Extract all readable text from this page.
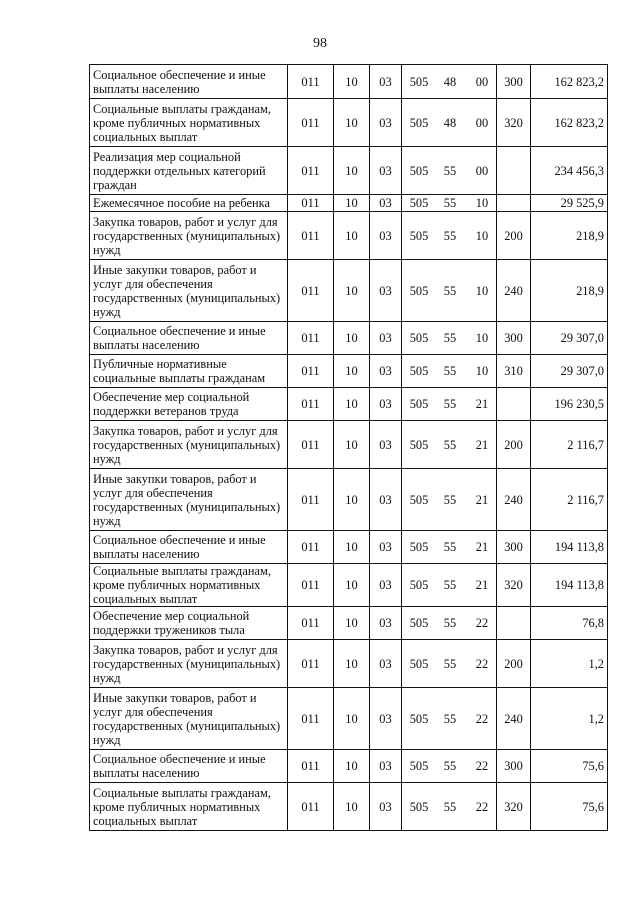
98
Социальное обеспечение и иные выплаты населению	011	10	03	505 48 00	300	162 823,2
Социальные выплаты гражданам, кроме публичных нормативных социальных выплат	011	10	03	505 48 00	320	162 823,2
Реализация мер социальной поддержки отдельных категорий граждан	011	10	03	505 55 00		234 456,3
Ежемесячное пособие на ребенка	011	10	03	505 55 10		29 525,9
Закупка товаров, работ и услуг для государственных (муниципальных) нужд	011	10	03	505 55 10	200	218,9
Иные закупки товаров, работ и услуг для обеспечения государственных (муниципальных) нужд	011	10	03	505 55 10	240	218,9
Социальное обеспечение и иные выплаты населению	011	10	03	505 55 10	300	29 307,0
Публичные нормативные социальные выплаты гражданам	011	10	03	505 55 10	310	29 307,0
Обеспечение мер социальной поддержки ветеранов труда	011	10	03	505 55 21		196 230,5
Закупка товаров, работ и услуг для государственных (муниципальных) нужд	011	10	03	505 55 21	200	2 116,7
Иные закупки товаров, работ и услуг для обеспечения государственных (муниципальных) нужд	011	10	03	505 55 21	240	2 116,7
Социальное обеспечение и иные выплаты населению	011	10	03	505 55 21	300	194 113,8
Социальные выплаты гражданам, кроме публичных нормативных социальных выплат	011	10	03	505 55 21	320	194 113,8
Обеспечение мер социальной поддержки тружеников тыла	011	10	03	505 55 22		76,8
Закупка товаров, работ и услуг для государственных (муниципальных) нужд	011	10	03	505 55 22	200	1,2
Иные закупки товаров, работ и услуг для обеспечения государственных (муниципальных) нужд	011	10	03	505 55 22	240	1,2
Социальное обеспечение и иные выплаты населению	011	10	03	505 55 22	300	75,6
Социальные выплаты гражданам, кроме публичных нормативных социальных выплат	011	10	03	505 55 22	320	75,6
